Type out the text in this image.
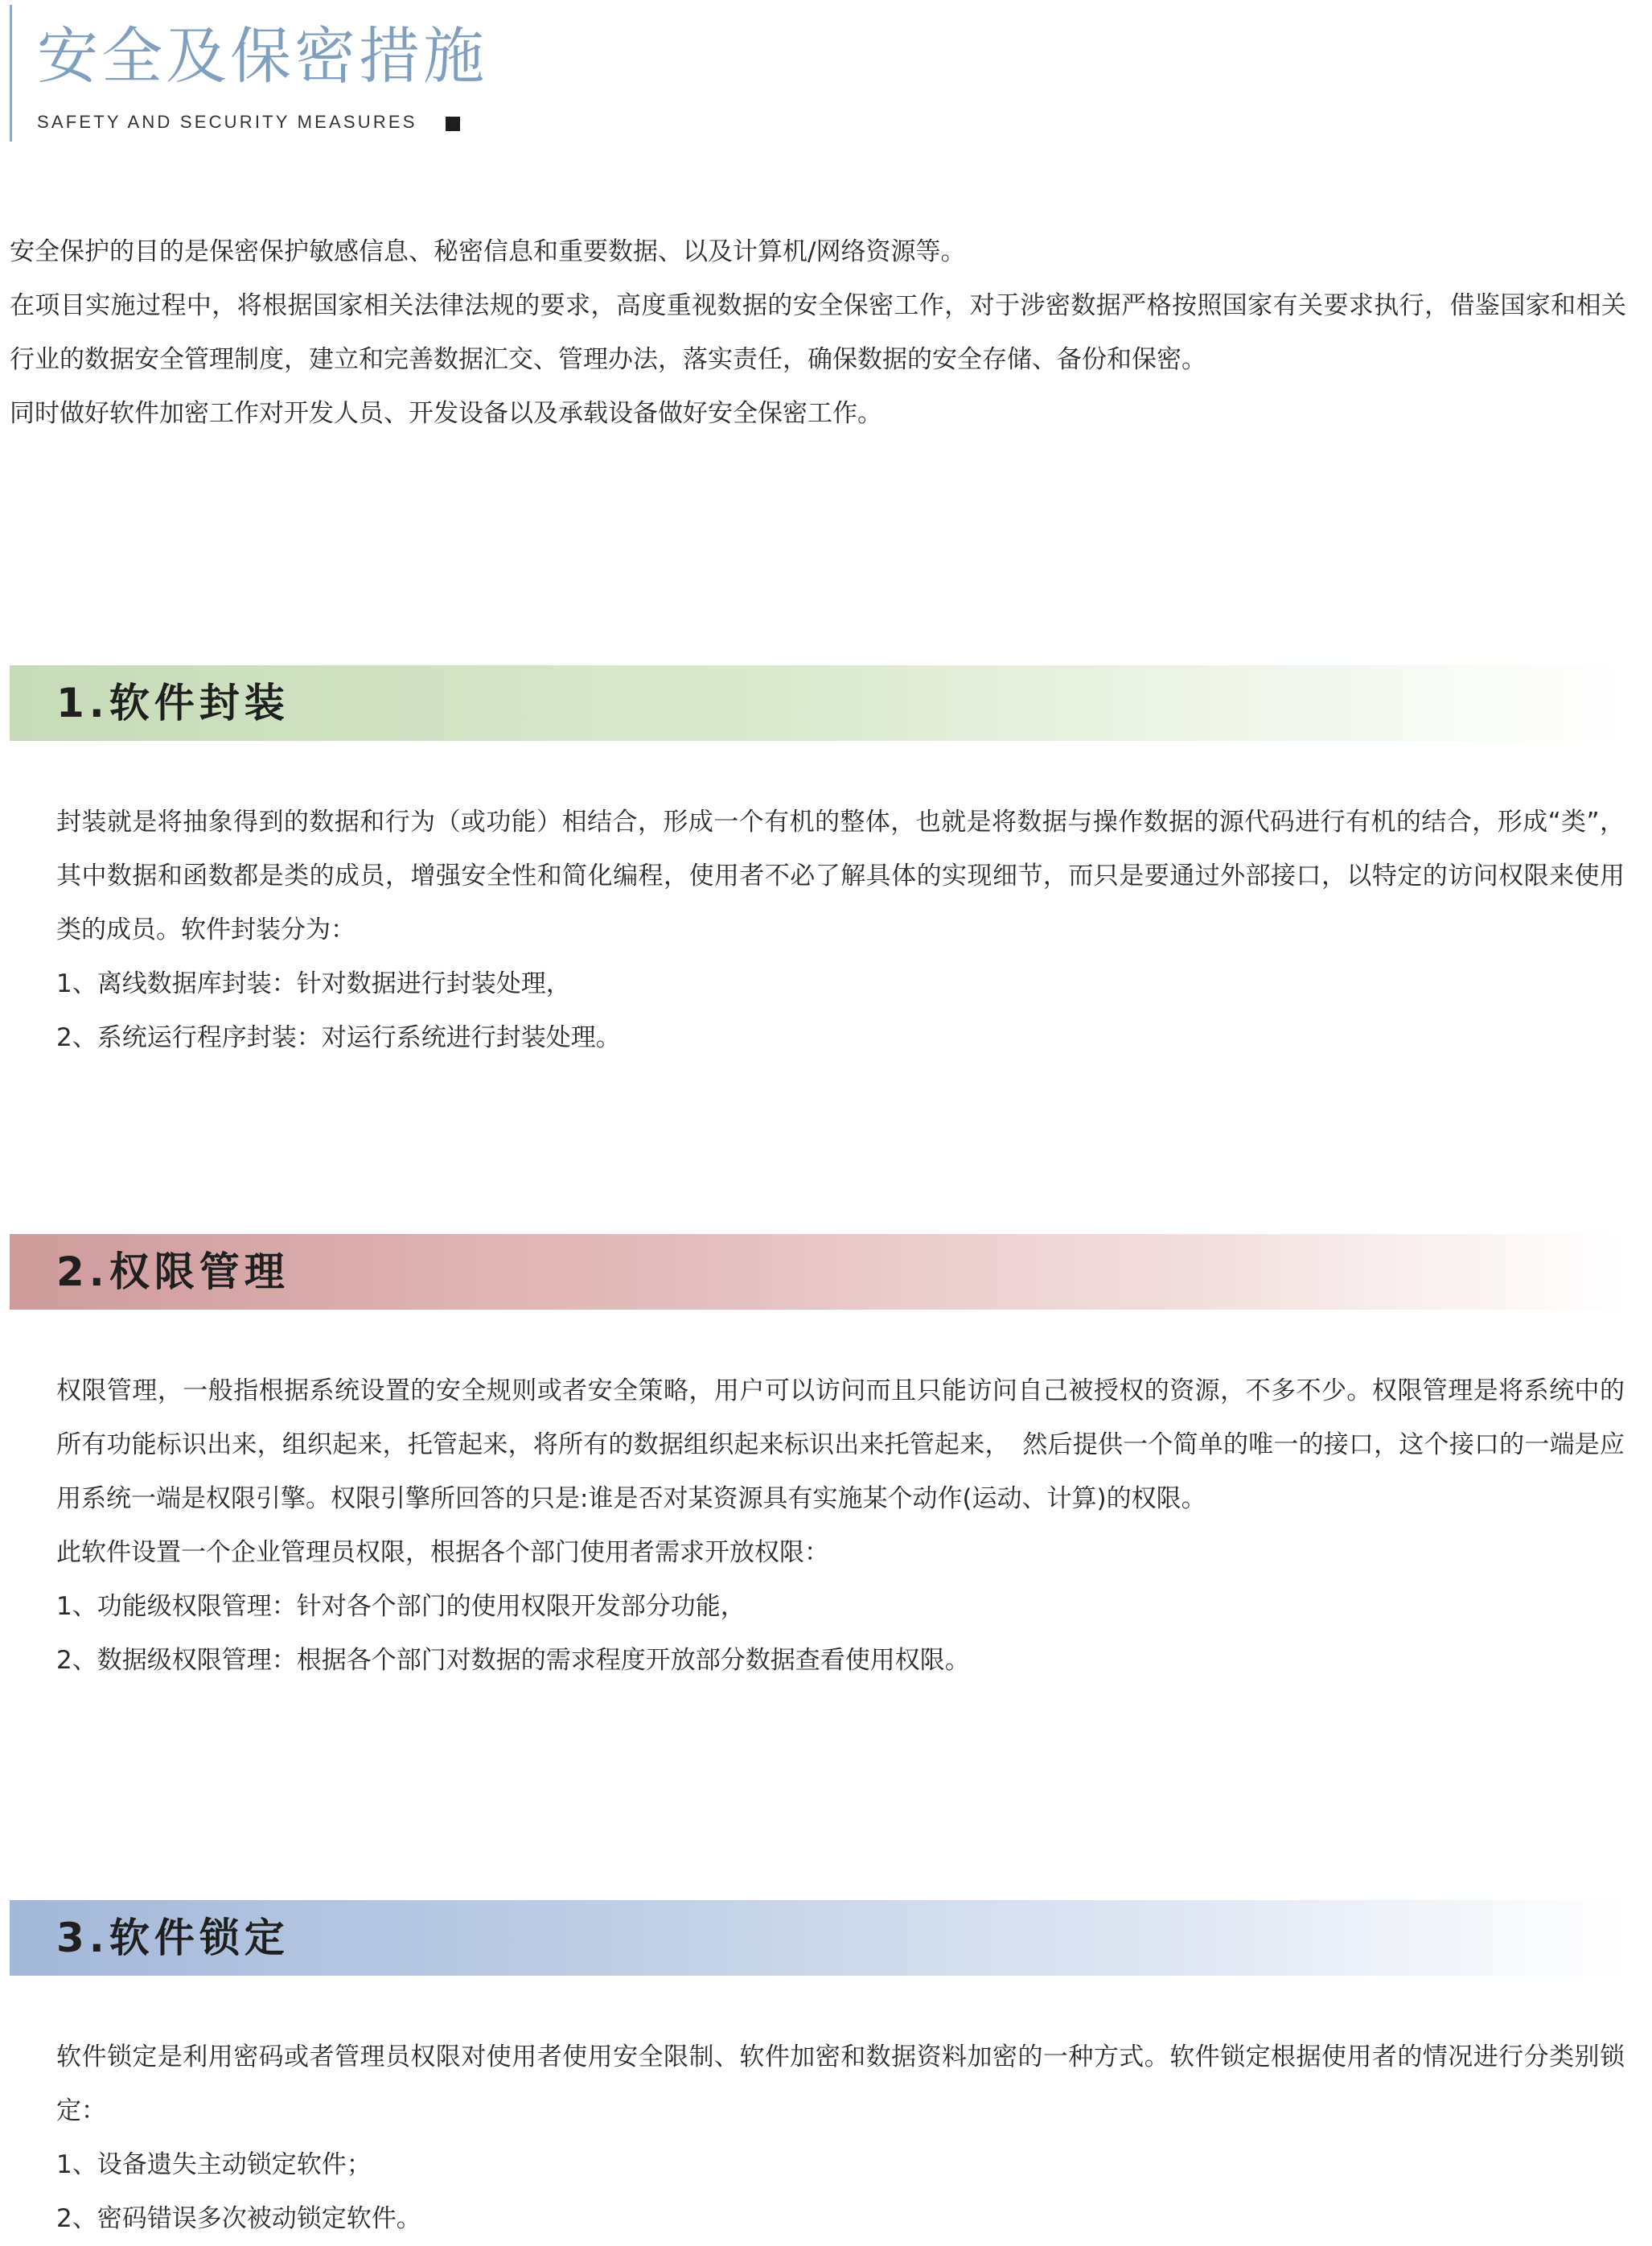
安全及保密措施

SAFETY AND SECURITY MEASURES

安全保护的目的是保密保护敏感信息、秘密信息和重要数据、以及计算机/网络资源等。

在项目实施过程中，将根据国家相关法律法规的要求，高度重视数据的安全保密工作，对于涉密数据严格按照国家有关要求执行，借鉴国家和相关行业的数据安全管理制度，建立和完善数据汇交、管理办法，落实责任，确保数据的安全存储、备份和保密。

同时做好软件加密工作对开发人员、开发设备以及承载设备做好安全保密工作。

1.软件封装

封装就是将抽象得到的数据和行为（或功能）相结合，形成一个有机的整体，也就是将数据与操作数据的源代码进行有机的结合，形成“类”，其中数据和函数都是类的成员，增强安全性和简化编程，使用者不必了解具体的实现细节，而只是要通过外部接口，以特定的访问权限来使用类的成员。软件封装分为：

1、离线数据库封装：针对数据进行封装处理，

2、系统运行程序封装：对运行系统进行封装处理。

2.权限管理

权限管理，一般指根据系统设置的安全规则或者安全策略，用户可以访问而且只能访问自己被授权的资源，不多不少。权限管理是将系统中的所有功能标识出来，组织起来，托管起来，将所有的数据组织起来标识出来托管起来，　然后提供一个简单的唯一的接口，这个接口的一端是应用系统一端是权限引擎。权限引擎所回答的只是:谁是否对某资源具有实施某个动作(运动、计算)的权限。

此软件设置一个企业管理员权限，根据各个部门使用者需求开放权限：

1、功能级权限管理：针对各个部门的使用权限开发部分功能，

2、数据级权限管理：根据各个部门对数据的需求程度开放部分数据查看使用权限。

3.软件锁定

软件锁定是利用密码或者管理员权限对使用者使用安全限制、软件加密和数据资料加密的一种方式。软件锁定根据使用者的情况进行分类别锁定：

1、设备遗失主动锁定软件；

2、密码错误多次被动锁定软件。
